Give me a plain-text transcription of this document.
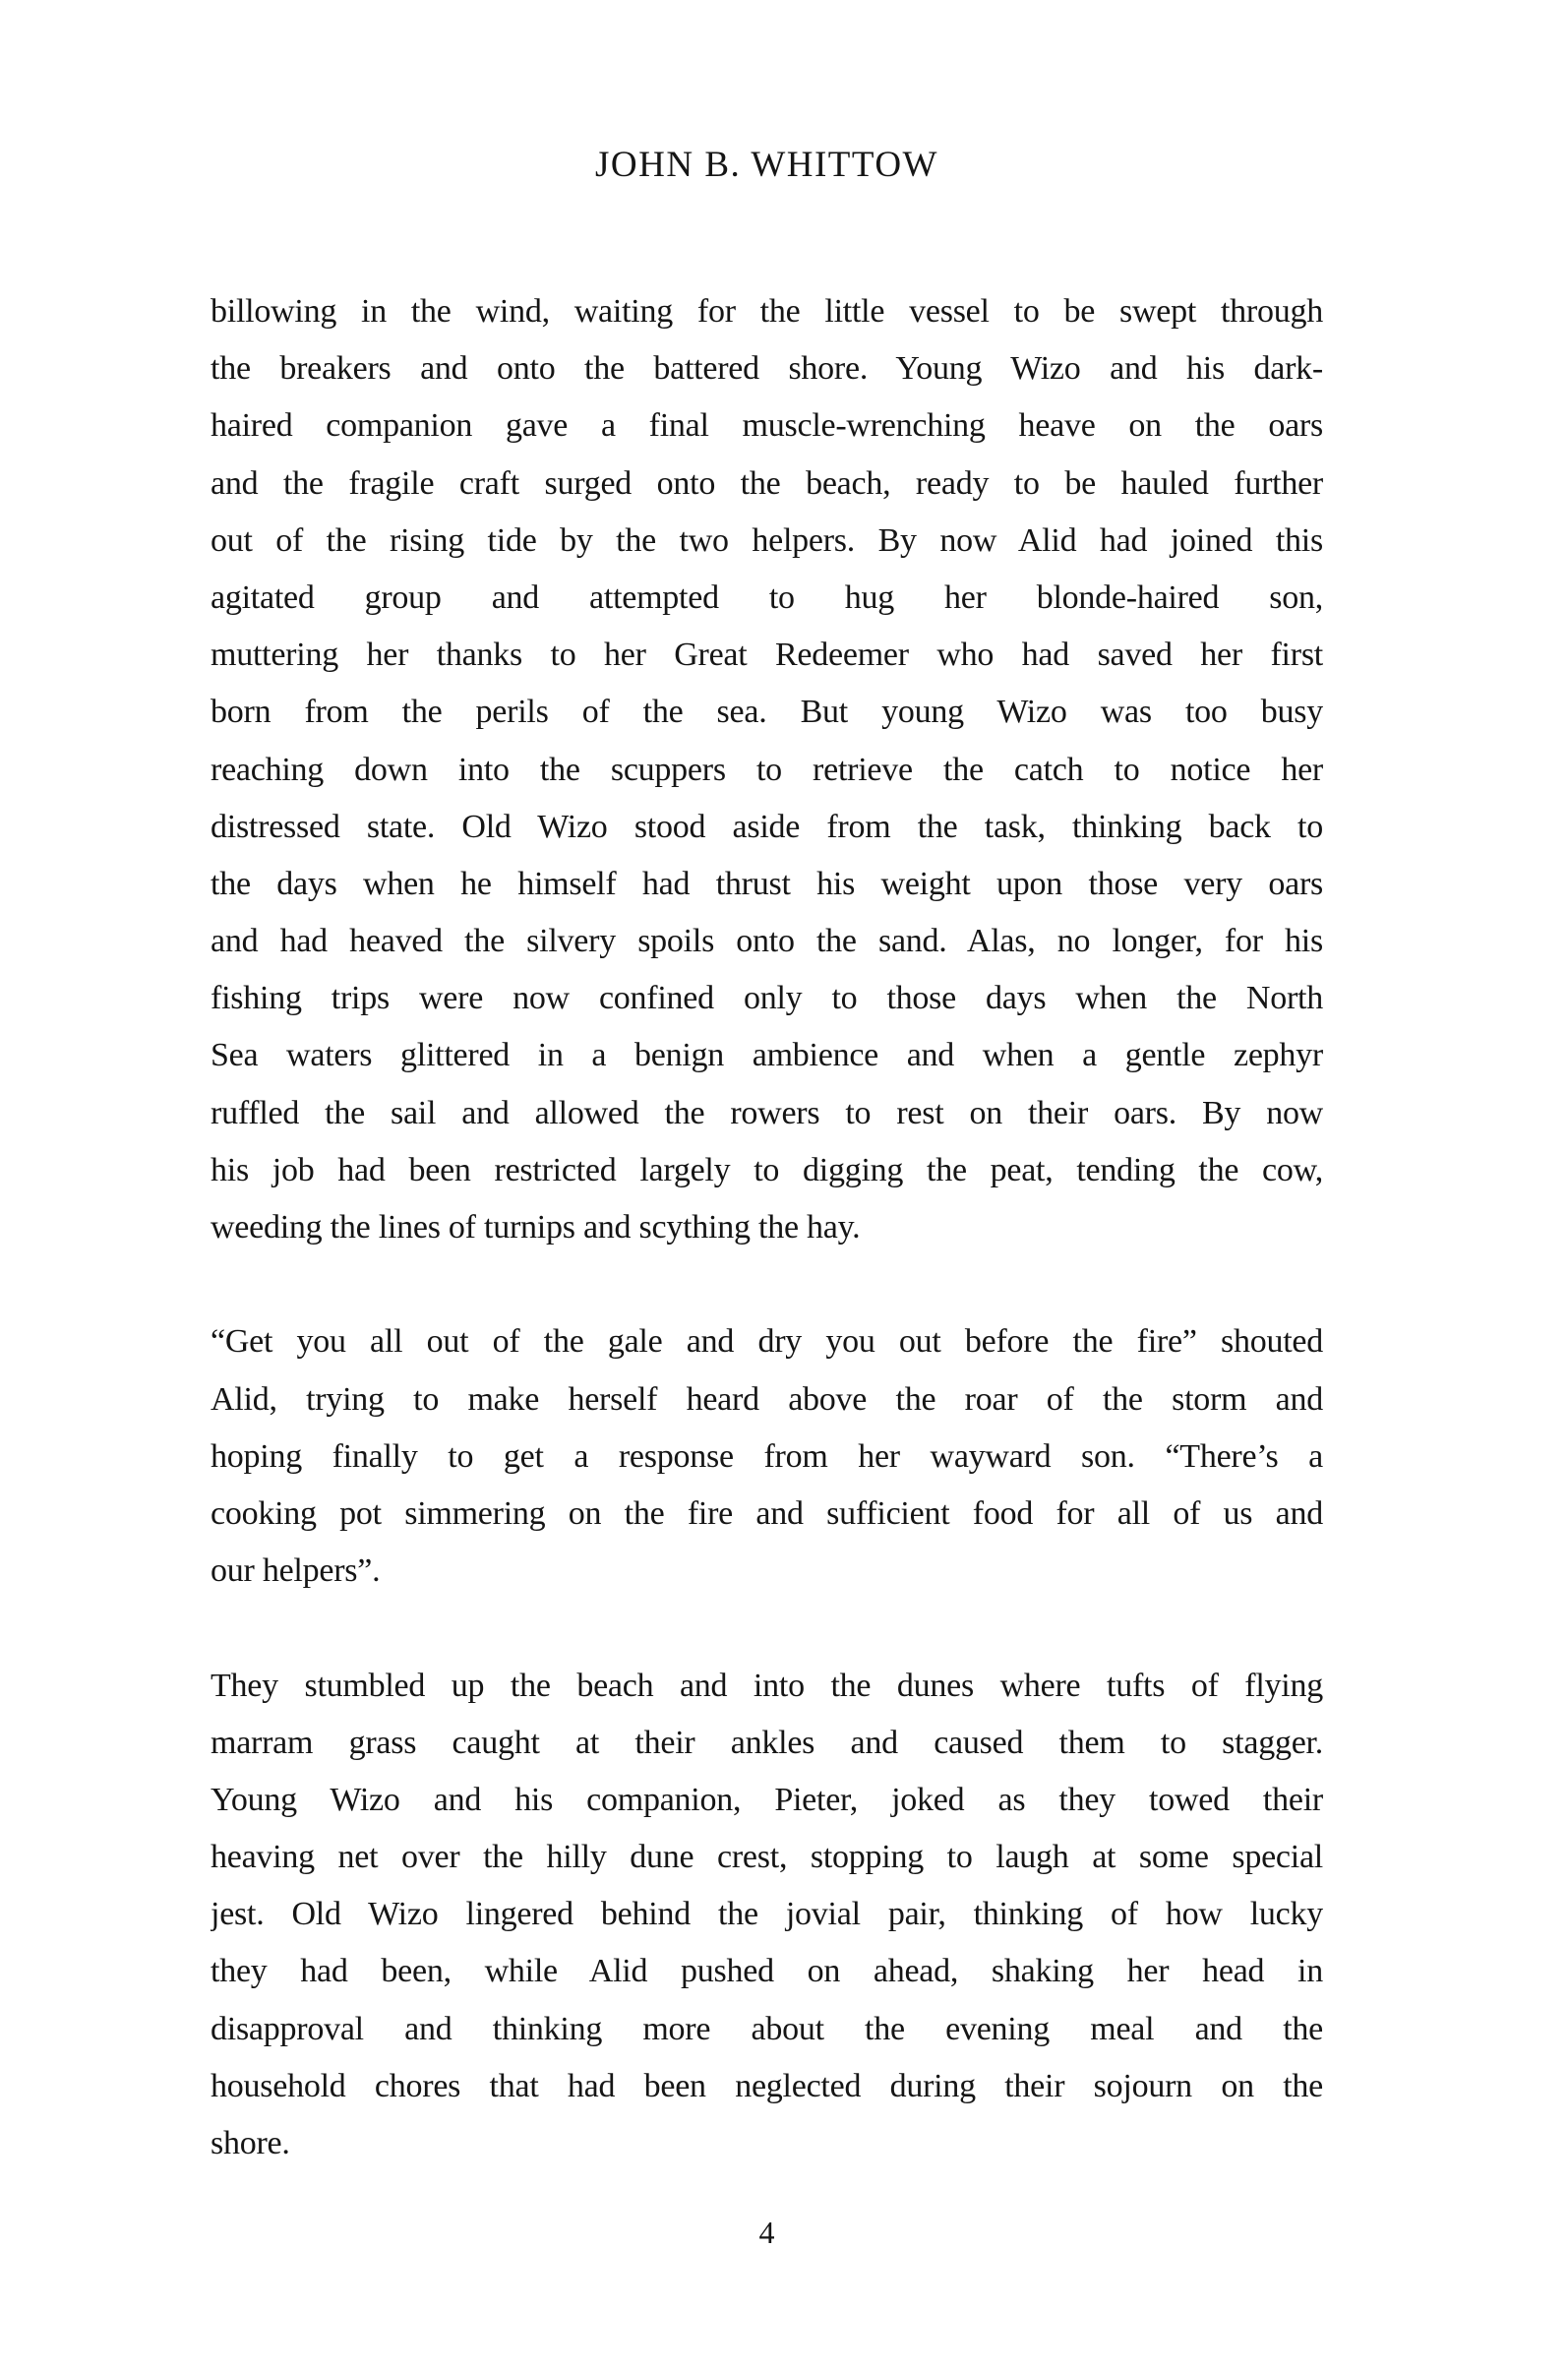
JOHN B. WHITTOW
billowing in the wind, waiting for the little vessel to be swept through
the breakers and onto the battered shore. Young Wizo and his dark-
haired companion gave a final muscle-wrenching heave on the oars
and the fragile craft surged onto the beach, ready to be hauled further
out of the rising tide by the two helpers. By now Alid had joined this
agitated group and attempted to hug her blonde-haired son,
muttering her thanks to her Great Redeemer who had saved her first
born from the perils of the sea. But young Wizo was too busy
reaching down into the scuppers to retrieve the catch to notice her
distressed state. Old Wizo stood aside from the task, thinking back to
the days when he himself had thrust his weight upon those very oars
and had heaved the silvery spoils onto the sand. Alas, no longer, for his
fishing trips were now confined only to those days when the North
Sea waters glittered in a benign ambience and when a gentle zephyr
ruffled the sail and allowed the rowers to rest on their oars. By now
his job had been restricted largely to digging the peat, tending the cow,
weeding the lines of turnips and scything the hay.
“Get you all out of the gale and dry you out before the fire” shouted
Alid, trying to make herself heard above the roar of the storm and
hoping finally to get a response from her wayward son. “There’s a
cooking pot simmering on the fire and sufficient food for all of us and
our helpers”.
They stumbled up the beach and into the dunes where tufts of flying
marram grass caught at their ankles and caused them to stagger.
Young Wizo and his companion, Pieter, joked as they towed their
heaving net over the hilly dune crest, stopping to laugh at some special
jest. Old Wizo lingered behind the jovial pair, thinking of how lucky
they had been, while Alid pushed on ahead, shaking her head in
disapproval and thinking more about the evening meal and the
household chores that had been neglected during their sojourn on the
shore.
4
